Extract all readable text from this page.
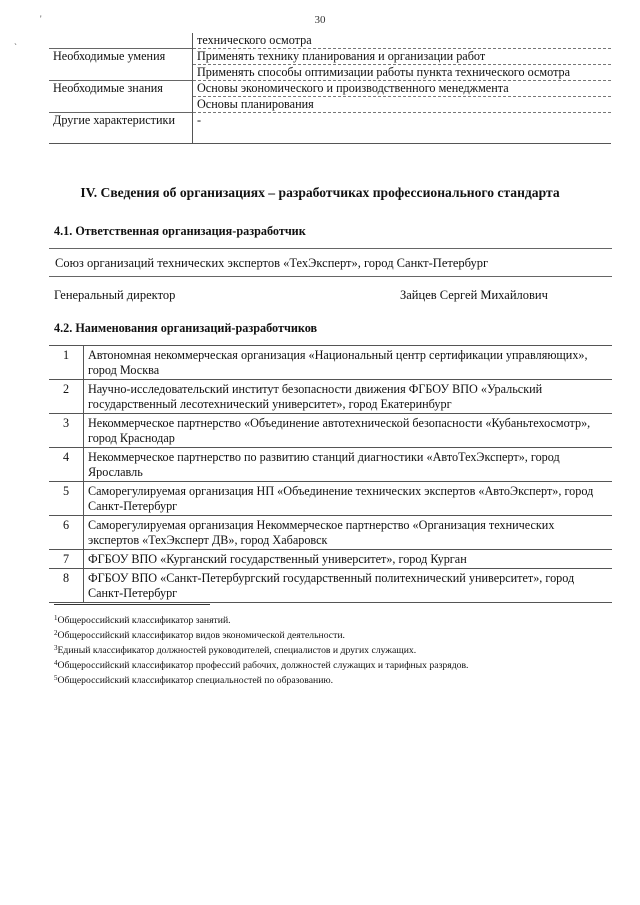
30
'
`
		технического осмотра
Необходимые умения	Применять технику планирования и организации работ
	Применять способы оптимизации работы пункта технического осмотра
Необходимые знания	Основы экономического и производственного менеджмента
	Основы планирования
Другие характеристики	-
IV. Сведения об организациях – разработчиках профессионального стандарта
4.1. Ответственная организация-разработчик
Союз организаций технических экспертов «ТехЭксперт», город Санкт-Петербург
Генеральный директор	Зайцев Сергей Михайлович
4.2. Наименования организаций-разработчиков
1	Автономная некоммерческая организация «Национальный центр сертификации управляющих», город Москва
2	Научно-исследовательский институт безопасности движения ФГБОУ ВПО «Уральский государственный лесотехнический университет», город Екатеринбург
3	Некоммерческое партнерство «Объединение автотехнической безопасности «Кубаньтехосмотр», город Краснодар
4	Некоммерческое партнерство по развитию станций диагностики «АвтоТехЭксперт», город Ярославль
5	Саморегулируемая организация НП «Объединение технических экспертов «АвтоЭксперт», город Санкт-Петербург
6	Саморегулируемая организация Некоммерческое партнерство «Организация технических экспертов «ТехЭксперт ДВ», город Хабаровск
7	ФГБОУ ВПО «Курганский государственный университет», город Курган
8	ФГБОУ ВПО «Санкт-Петербургский государственный политехнический университет», город Санкт-Петербург
$^1$Общероссийский классификатор занятий.
$^2$Общероссийский классификатор видов экономической деятельности.
$^3$Единый классификатор должностей руководителей, специалистов и других служащих.
$^4$Общероссийский классификатор профессий рабочих, должностей служащих и тарифных разрядов.
$^5$Общероссийский классификатор специальностей по образованию.
